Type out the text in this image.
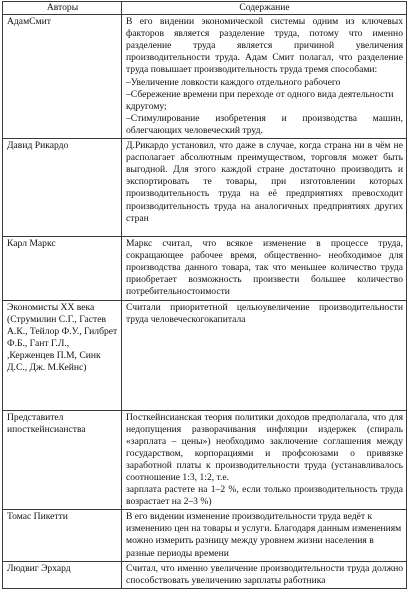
Авторы	Содержание
АдамСмит	В его видении экономической системы одним из ключевых факторов является разделение труда, потому что именно разделение труда является причиной увеличения производительности труда. Адам Смит полагал, что разделение труда повышает производительность труда тремя способами:

–Увеличение ловкости каждого отдельного рабочего

–Сбережение времени при переходе от одного вида деятельности кдругому;

–Стимулирование изобретения и производства машин, облегчающих человеческий труд.

Давид Рикардо	Д.Рикардо установил, что даже в случае, когда страна ни в чём не располагает абсолютным преимуществом, торговля может быть выгодной. Для этого каждой стране достаточно производить и экспортировать те товары, при изготовлении которых производительность труда на её предприятиях превосходит производительность труда на аналогичных предприятиях других стран

Карл Маркс	Маркс считал, что всякое изменение в процессе труда, сокращающее рабочее время, общественно- необходимое для производства данного товара, так что меньшее количество труда приобретает возможность произвести большее количество потребительностоимости

Экономисты XX века (Струмилин С.Г., Гастев А.К., Тейлор Ф.У., Гилбрет Ф.Б., Гант Г.Л., ,Керженцев П.М, Синк Д.С., Дж. М.Кейнс)	Считали приоритетной цельюувеличение производительности труда человеческогокапитала

Представител ипосткейнсианства	Посткейнсианская теория политики доходов предполагала, что для недопущения разворачивания инфляции издержек (спираль «зарплата – цены») необходимо заключение соглашения между государством, корпорациями и профсоюзами о привязке заработной платы к производительности труда (устанавливалось соотношение 1:3, 1:2, т.е.

зарплата растете на 1–2 %, если только производительность труда возрастает на 2–3 %)

Томас Пикетти	В его видении изменение производительности труда ведёт к изменению цен на товары и услуги. Благодаря данным изменениям можно измерить разницу между уровнем жизни населения в разные периоды времени

Людвиг Эрхард	Считал, что именно увеличение производительности труда должно способствовать увеличению зарплаты работника
